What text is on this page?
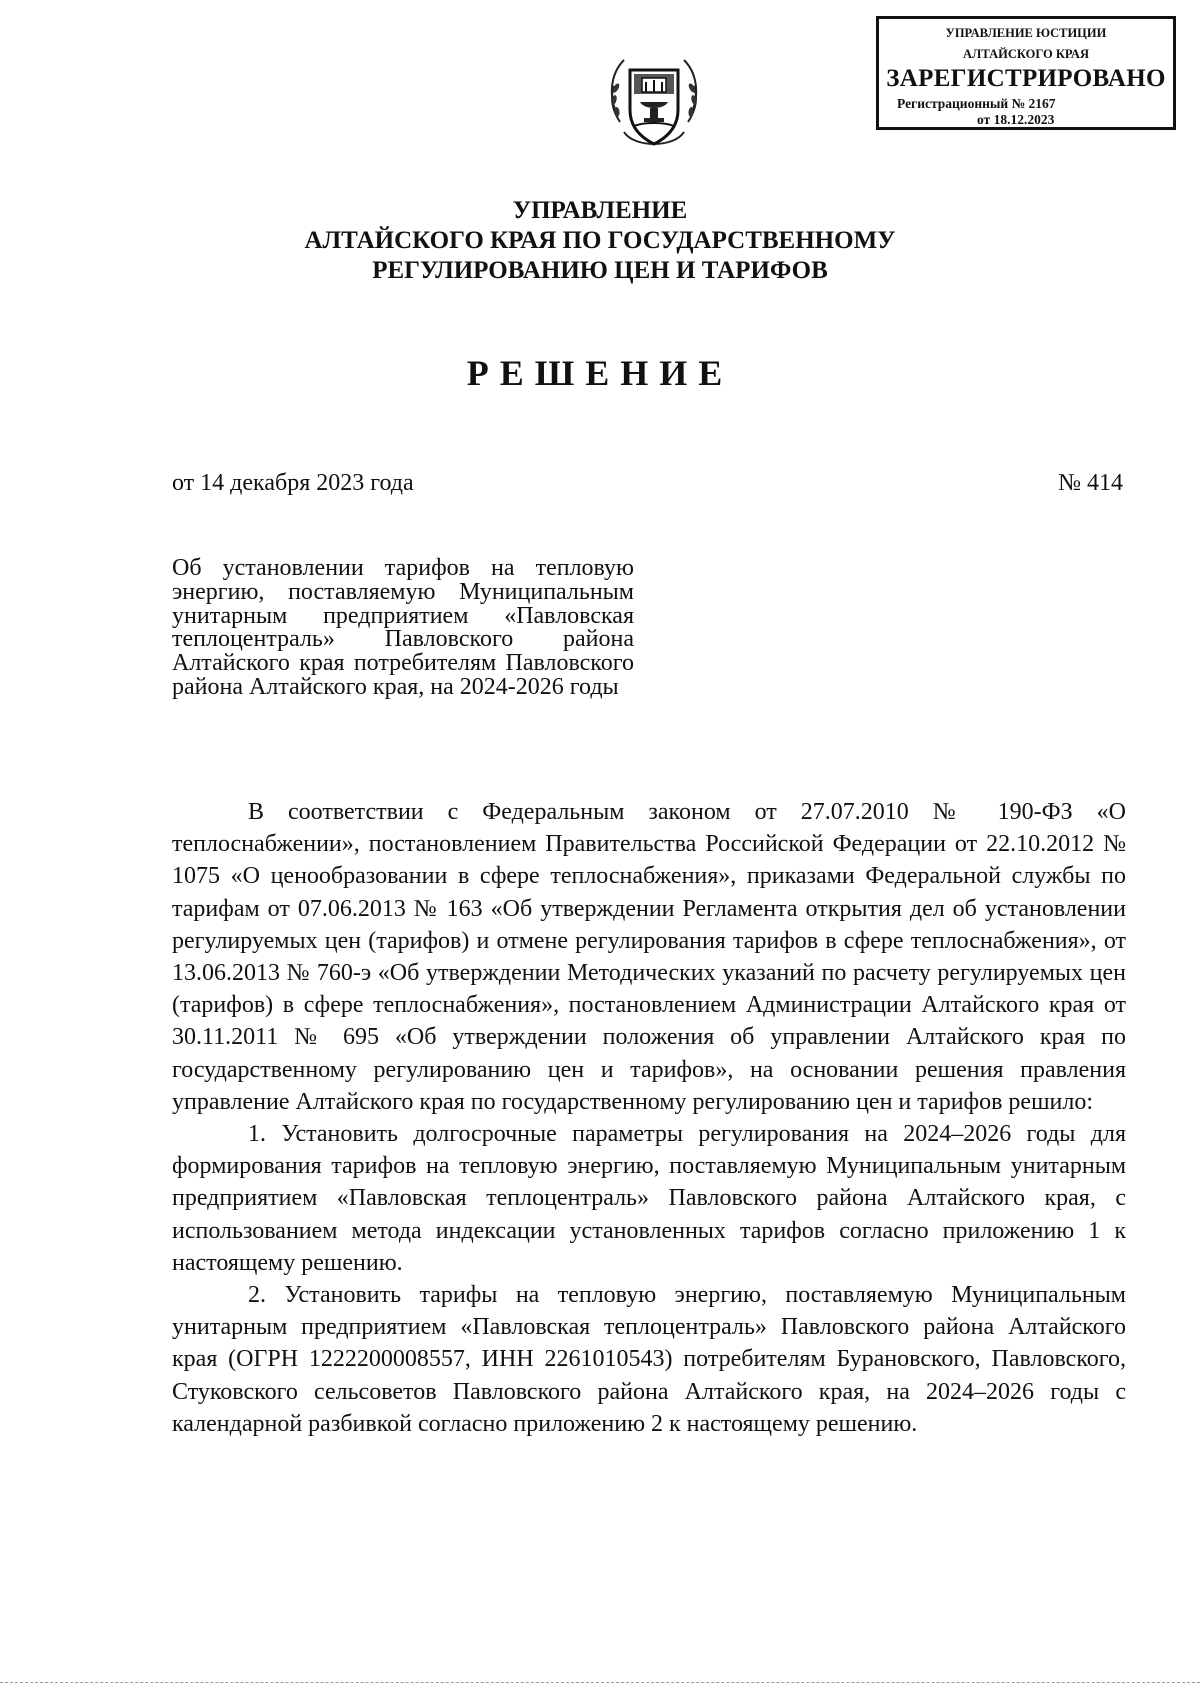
УПРАВЛЕНИЕ ЮСТИЦИИ
АЛТАЙСКОГО КРАЯ
ЗАРЕГИСТРИРОВАНО
Регистрационный № 2167
от 18.12.2023
УПРАВЛЕНИЕ
АЛТАЙСКОГО КРАЯ ПО ГОСУДАРСТВЕННОМУ
РЕГУЛИРОВАНИЮ ЦЕН И ТАРИФОВ
РЕШЕНИЕ
от 14 декабря 2023 года	№ 414
Об установлении тарифов на тепловую энергию, поставляемую Муниципальным унитарным предприятием «Павловская теплоцентраль» Павловского района Алтайского края потребителям Павловского района Алтайского края, на 2024-2026 годы

В соответствии с Федеральным законом от 27.07.2010 № 190-ФЗ «О теплоснабжении», постановлением Правительства Российской Федерации от 22.10.2012 № 1075 «О ценообразовании в сфере теплоснабжения», приказами Федеральной службы по тарифам от 07.06.2013 № 163 «Об утверждении Регламента открытия дел об установлении регулируемых цен (тарифов) и отмене регулирования тарифов в сфере теплоснабжения», от 13.06.2013 № 760-э «Об утверждении Методических указаний по расчету регулируемых цен (тарифов) в сфере теплоснабжения», постановлением Администрации Алтайского края от 30.11.2011 № 695 «Об утверждении положения об управлении Алтайского края по государственному регулированию цен и тарифов», на основании решения правления управление Алтайского края по государственному регулированию цен и тарифов решило:

1. Установить долгосрочные параметры регулирования на 2024–2026 годы для формирования тарифов на тепловую энергию, поставляемую Муниципальным унитарным предприятием «Павловская теплоцентраль» Павловского района Алтайского края, с использованием метода индексации установленных тарифов согласно приложению 1 к настоящему решению.

2. Установить тарифы на тепловую энергию, поставляемую Муниципальным унитарным предприятием «Павловская теплоцентраль» Павловского района Алтайского края (ОГРН 1222200008557, ИНН 2261010543) потребителям Бурановского, Павловского, Стуковского сельсоветов Павловского района Алтайского края, на 2024–2026 годы с календарной разбивкой согласно приложению 2 к настоящему решению.
